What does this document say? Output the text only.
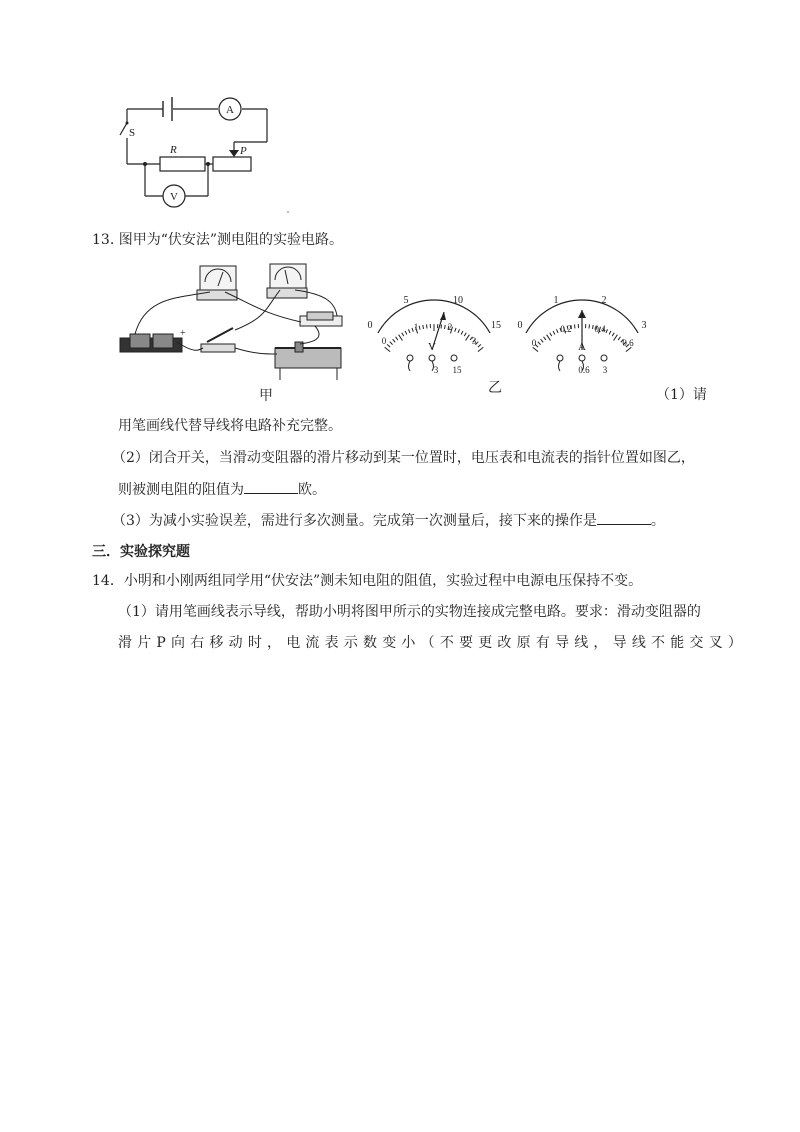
A
V
S
R	P
13. 图甲为“伏安法”测电阻的实验电路。
+
甲
0
5	10
15
0
1	2
3
V
15
3
乙
0
1	2
3
0
0.2	0.4
0.6
A
0.6 3
（1）请
用笔画线代替导线将电路补充完整。
（2）闭合开关，当滑动变阻器的滑片移动到某一位置时，电压表和电流表的指针位置如图乙，
则被测电阻的阻值为	欧。
（3）为减小实验误差，需进行多次测量。完成第一次测量后，接下来的操作是	。
三．实验探究题
14．小明和小刚两组同学用“伏安法”测未知电阻的阻值，实验过程中电源电压保持不变。
（1）请用笔画线表示导线，帮助小明将图甲所示的实物连接成完整电路。要求：滑动变阻器的
滑片P向右移动时，电流表示数变小（不要更改原有导线，导线不能交叉）
